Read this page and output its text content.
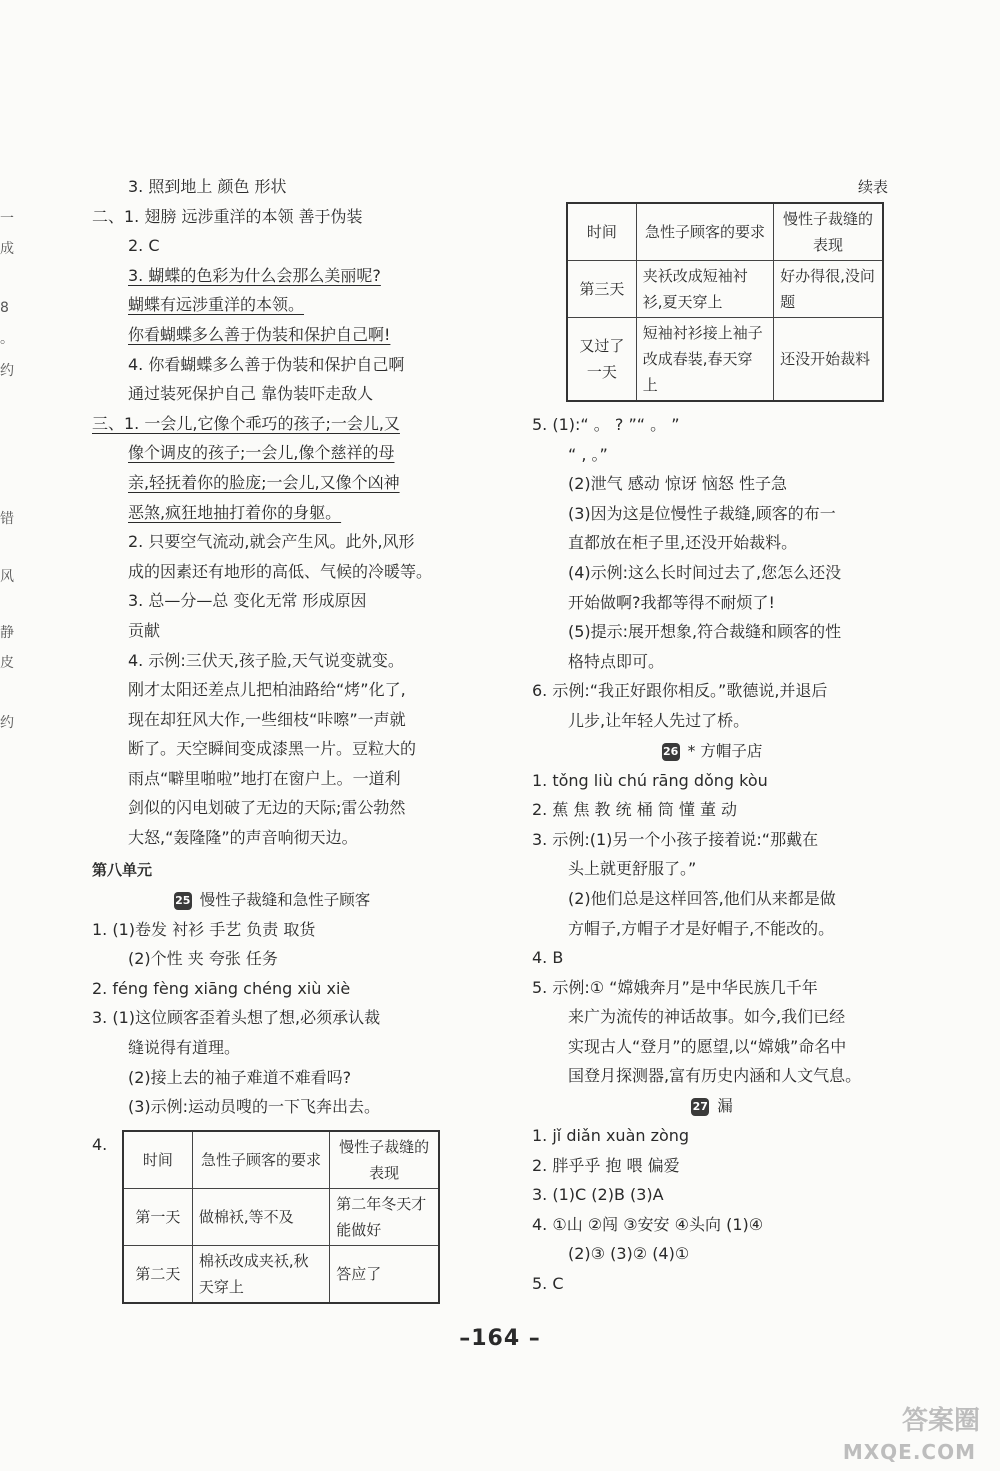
一
成
8
。
约
错
风
静
皮
约
3. 照到地上 颜色 形状
二、1. 翅膀 远涉重洋的本领 善于伪装
2. C
3. 蝴蝶的色彩为什么会那么美丽呢?
蝴蝶有远涉重洋的本领。
你看蝴蝶多么善于伪装和保护自己啊!
4. 你看蝴蝶多么善于伪装和保护自己啊
通过装死保护自己 靠伪装吓走敌人
三、1. 一会儿,它像个乖巧的孩子;一会儿,又
像个调皮的孩子;一会儿,像个慈祥的母
亲,轻抚着你的脸庞;一会儿,又像个凶神
恶煞,疯狂地抽打着你的身躯。
2. 只要空气流动,就会产生风。此外,风形
成的因素还有地形的高低、气候的冷暖等。
3. 总—分—总 变化无常 形成原因
贡献
4. 示例:三伏天,孩子脸,天气说变就变。
刚才太阳还差点儿把柏油路给“烤”化了,
现在却狂风大作,一些细枝“咔嚓”一声就
断了。天空瞬间变成漆黑一片。豆粒大的
雨点“噼里啪啦”地打在窗户上。一道利
剑似的闪电划破了无边的天际;雷公勃然
大怒,“轰隆隆”的声音响彻天边。
第八单元
25 慢性子裁缝和急性子顾客
1. (1)卷发 衬衫 手艺 负责 取货
(2)个性 夹 夸张 任务
2. féng fèng xiāng chéng xiù xiè
3. (1)这位顾客歪着头想了想,必须承认裁
缝说得有道理。
(2)接上去的袖子难道不难看吗?
(3)示例:运动员嗖的一下飞奔出去。
4.
时间	急性子顾客的要求	慢性子裁缝的表现
第一天	做棉袄,等不及	第二年冬天才能做好
第二天	棉袄改成夹袄,秋天穿上	答应了
续表
时间	急性子顾客的要求	慢性子裁缝的表现
第三天	夹袄改成短袖衬衫,夏天穿上	好办得很,没问题
又过了一天	短袖衬衫接上袖子改成春装,春天穿上	还没开始裁料
5. (1):“ 。 ? ”“ 。 ”
“ , 。”
(2)泄气 感动 惊讶 恼怒 性子急
(3)因为这是位慢性子裁缝,顾客的布一
直都放在柜子里,还没开始裁料。
(4)示例:这么长时间过去了,您怎么还没
开始做啊?我都等得不耐烦了!
(5)提示:展开想象,符合裁缝和顾客的性
格特点即可。
6. 示例:“我正好跟你相反。”歌德说,并退后
儿步,让年轻人先过了桥。
26 * 方帽子店
1. tǒng liù chú rāng dǒng kòu
2. 蕉 焦 教 统 桶 筒 懂 董 动
3. 示例:(1)另一个小孩子接着说:“那戴在
头上就更舒服了。”
(2)他们总是这样回答,他们从来都是做
方帽子,方帽子才是好帽子,不能改的。
4. B
5. 示例:① “嫦娥奔月”是中华民族几千年
来广为流传的神话故事。如今,我们已经
实现古人“登月”的愿望,以“嫦娥”命名中
国登月探测器,富有历史内涵和人文气息。
27 漏
1. jǐ diǎn xuàn zòng
2. 胖乎乎 抱 喂 偏爱
3. (1)C (2)B (3)A
4. ①山 ②闯 ③安安 ④头向 (1)④
(2)③ (3)② (4)①
5. C
–164 –
答案圈
MXQE.COM
